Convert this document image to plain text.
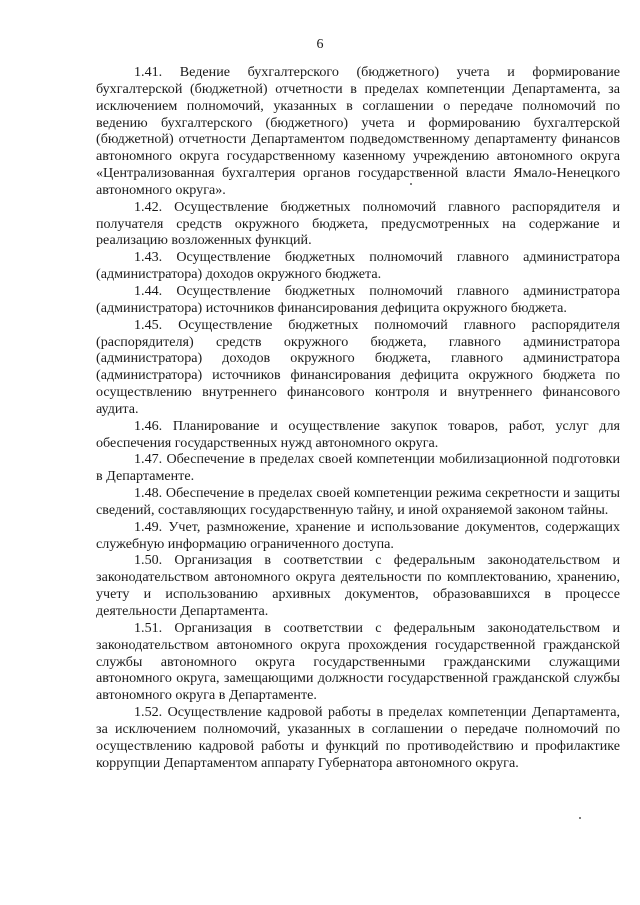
6

1.41. Ведение бухгалтерского (бюджетного) учета и формирование бухгалтерской (бюджетной) отчетности в пределах компетенции Департамента, за исключением полномочий, указанных в соглашении о передаче полномочий по ведению бухгалтерского (бюджетного) учета и формированию бухгалтерской (бюджетной) отчетности Департаментом подведомственному департаменту финансов автономного округа государственному казенному учреждению автономного округа «Централизованная бухгалтерия органов государственной власти Ямало-Ненецкого автономного округа».

1.42. Осуществление бюджетных полномочий главного распорядителя и получателя средств окружного бюджета, предусмотренных на содержание и реализацию возложенных функций.

1.43. Осуществление бюджетных полномочий главного администратора (администратора) доходов окружного бюджета.

1.44. Осуществление бюджетных полномочий главного администратора (администратора) источников финансирования дефицита окружного бюджета.

1.45. Осуществление бюджетных полномочий главного распорядителя (распорядителя) средств окружного бюджета, главного администратора (администратора) доходов окружного бюджета, главного администратора (администратора) источников финансирования дефицита окружного бюджета по осуществлению внутреннего финансового контроля и внутреннего финансового аудита.

1.46. Планирование и осуществление закупок товаров, работ, услуг для обеспечения государственных нужд автономного округа.

1.47. Обеспечение в пределах своей компетенции мобилизационной подготовки в Департаменте.

1.48. Обеспечение в пределах своей компетенции режима секретности и защиты сведений, составляющих государственную тайну, и иной охраняемой законом тайны.

1.49. Учет, размножение, хранение и использование документов, содержащих служебную информацию ограниченного доступа.

1.50. Организация в соответствии с федеральным законодательством и законодательством автономного округа деятельности по комплектованию, хранению, учету и использованию архивных документов, образовавшихся в процессе деятельности Департамента.

1.51. Организация в соответствии с федеральным законодательством и законодательством автономного округа прохождения государственной гражданской службы автономного округа государственными гражданскими служащими автономного округа, замещающими должности государственной гражданской службы автономного округа в Департаменте.

1.52. Осуществление кадровой работы в пределах компетенции Департамента, за исключением полномочий, указанных в соглашении о передаче полномочий по осуществлению кадровой работы и функций по противодействию и профилактике коррупции Департаментом аппарату Губернатора автономного округа.
